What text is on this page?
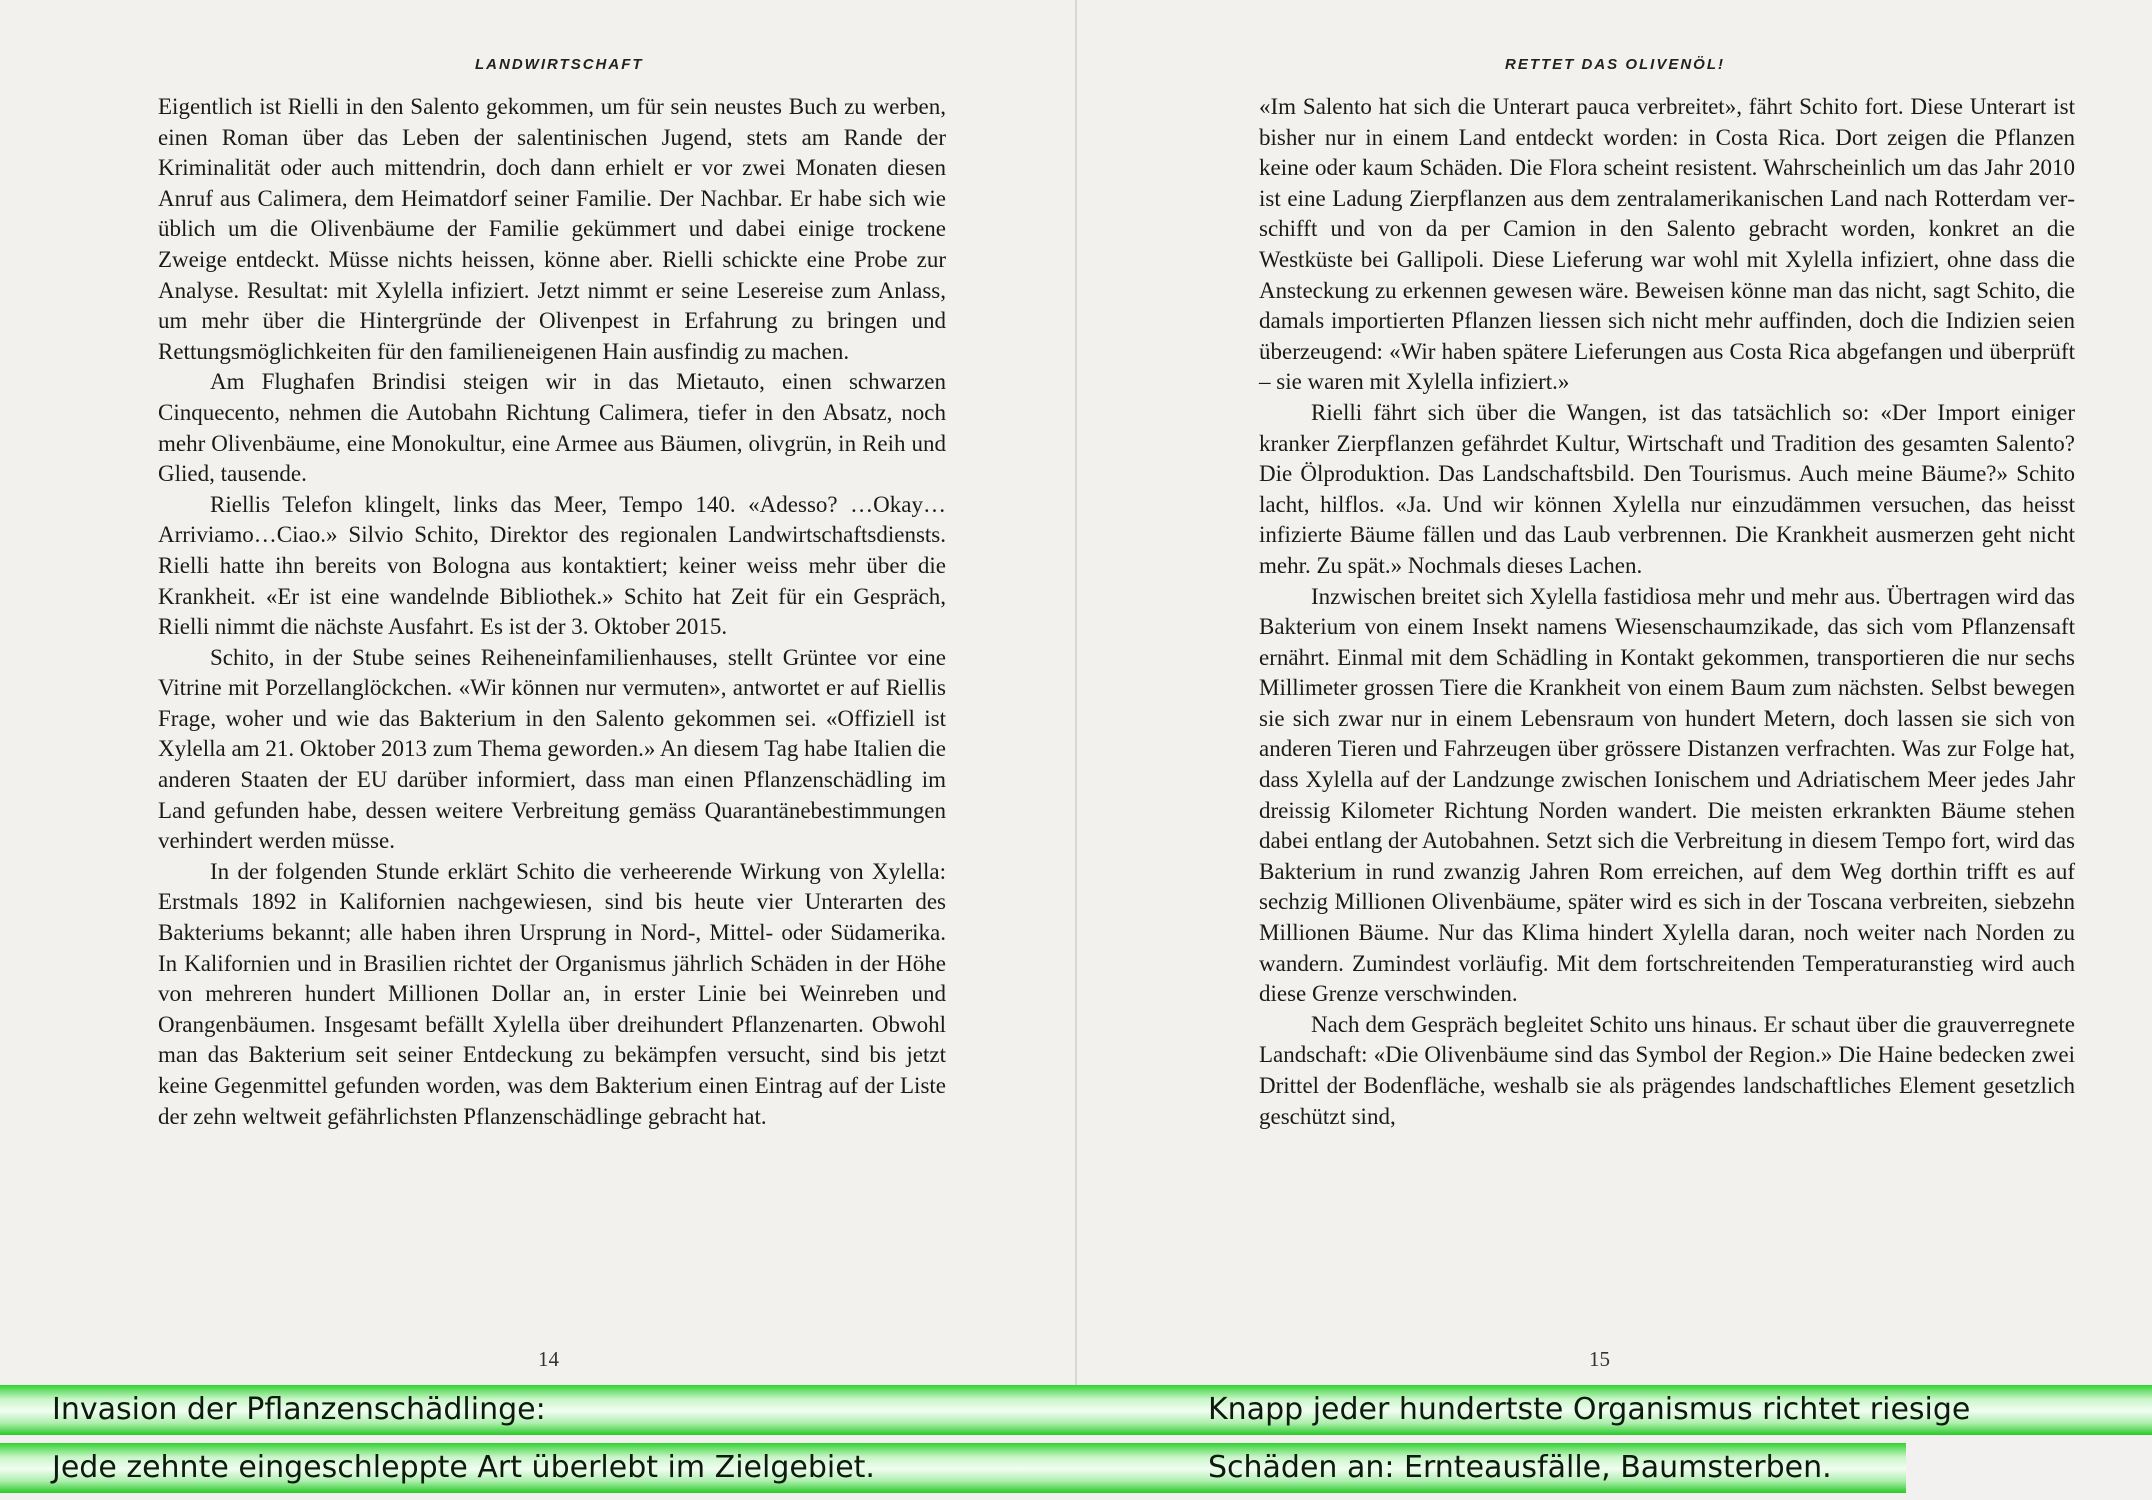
LANDWIRTSCHAFT

Eigentlich ist Rielli in den Salento gekommen, um für sein neustes Buch zu werben, einen Roman über das Leben der salentinischen Jugend, stets am Rande der Kriminalität oder auch mittendrin, doch dann erhielt er vor zwei Monaten diesen Anruf aus Calimera, dem Heimatdorf seiner Familie. Der Nachbar. Er habe sich wie üblich um die Olivenbäume der Familie gekümmert und dabei einige trockene Zweige entdeckt. Müsse nichts heissen, könne aber. Rielli schickte eine Probe zur Analyse. Resultat: mit Xylella infiziert. Jetzt nimmt er seine Lesereise zum Anlass, um mehr über die Hintergründe der Olivenpest in Erfahrung zu bringen und Rettungsmöglichkeiten für den familieneigenen Hain ausfindig zu machen.

Am Flughafen Brindisi steigen wir in das Mietauto, einen schwarzen Cinquecento, nehmen die Autobahn Richtung Calimera, tiefer in den Absatz, noch mehr Olivenbäume, eine Monokultur, eine Armee aus Bäumen, olivgrün, in Reih und Glied, tausende.

Riellis Telefon klingelt, links das Meer, Tempo 140. «Adesso? …Okay…Arriviamo…Ciao.» Silvio Schito, Direktor des regionalen Landwirtschaftsdiensts. Rielli hatte ihn bereits von Bologna aus kontaktiert; keiner weiss mehr über die Krankheit. «Er ist eine wandelnde Bibliothek.» Schito hat Zeit für ein Gespräch, Rielli nimmt die nächste Ausfahrt. Es ist der 3. Oktober 2015.

Schito, in der Stube seines Reiheneinfamilienhauses, stellt Grüntee vor eine Vitrine mit Porzellanglöckchen. «Wir können nur vermuten», antwortet er auf Riellis Frage, woher und wie das Bakterium in den Salento gekommen sei. «Offiziell ist Xylella am 21. Oktober 2013 zum Thema geworden.» An diesem Tag habe Italien die anderen Staaten der EU darüber informiert, dass man einen Pflanzenschädling im Land gefunden habe, dessen weitere Verbreitung gemäss Quarantänebestimmungen verhindert werden müsse.

In der folgenden Stunde erklärt Schito die verheerende Wirkung von Xylella: Erstmals 1892 in Kalifornien nachgewiesen, sind bis heute vier Unterarten des Bakteriums bekannt; alle haben ihren Ursprung in Nord-, Mittel- oder Südamerika. In Kalifornien und in Brasilien richtet der Organismus jährlich Schäden in der Höhe von mehreren hundert Millionen Dollar an, in erster Linie bei Weinreben und Orangenbäumen. Insgesamt befällt Xylella über dreihundert Pflanzenarten. Obwohl man das Bakterium seit seiner Entdeckung zu bekämpfen versucht, sind bis jetzt keine Gegenmittel gefunden worden, was dem Bakterium einen Eintrag auf der Liste der zehn weltweit gefährlichsten Pflanzenschädlinge gebracht hat.

14
RETTET DAS OLIVENÖL!

«Im Salento hat sich die Unterart pauca verbreitet», fährt Schito fort. Diese Unterart ist bisher nur in einem Land entdeckt worden: in Costa Rica. Dort zeigen die Pflanzen keine oder kaum Schäden. Die Flora scheint resistent. Wahrscheinlich um das Jahr 2010 ist eine Ladung Zierpflanzen aus dem zentralamerikanischen Land nach Rotterdam verschifft und von da per Camion in den Salento gebracht worden, konkret an die Westküste bei Gallipoli. Diese Lieferung war wohl mit Xylella infiziert, ohne dass die Ansteckung zu erkennen gewesen wäre. Beweisen könne man das nicht, sagt Schito, die damals importierten Pflanzen liessen sich nicht mehr auffinden, doch die Indizien seien überzeugend: «Wir haben spätere Lieferungen aus Costa Rica abgefangen und überprüft – sie waren mit Xylella infiziert.»

Rielli fährt sich über die Wangen, ist das tatsächlich so: «Der Import einiger kranker Zierpflanzen gefährdet Kultur, Wirtschaft und Tradition des gesamten Salento? Die Ölproduktion. Das Landschaftsbild. Den Tourismus. Auch meine Bäume?» Schito lacht, hilflos. «Ja. Und wir können Xylella nur einzudämmen versuchen, das heisst infizierte Bäume fällen und das Laub verbrennen. Die Krankheit ausmerzen geht nicht mehr. Zu spät.» Nochmals dieses Lachen.

Inzwischen breitet sich Xylella fastidiosa mehr und mehr aus. Übertragen wird das Bakterium von einem Insekt namens Wiesenschaumzikade, das sich vom Pflanzensaft ernährt. Einmal mit dem Schädling in Kontakt gekommen, transportieren die nur sechs Millimeter grossen Tiere die Krankheit von einem Baum zum nächsten. Selbst bewegen sie sich zwar nur in einem Lebensraum von hundert Metern, doch lassen sie sich von anderen Tieren und Fahrzeugen über grössere Distanzen verfrachten. Was zur Folge hat, dass Xylella auf der Landzunge zwischen Ionischem und Adriatischem Meer jedes Jahr dreissig Kilometer Richtung Norden wandert. Die meisten erkrankten Bäume stehen dabei entlang der Autobahnen. Setzt sich die Verbreitung in diesem Tempo fort, wird das Bakterium in rund zwanzig Jahren Rom erreichen, auf dem Weg dorthin trifft es auf sechzig Millionen Olivenbäume, später wird es sich in der Toscana verbreiten, siebzehn Millionen Bäume. Nur das Klima hindert Xylella daran, noch weiter nach Norden zu wandern. Zumindest vorläufig. Mit dem fortschreitenden Temperaturanstieg wird auch diese Grenze verschwinden.

Nach dem Gespräch begleitet Schito uns hinaus. Er schaut über die grauverregnete Landschaft: «Die Olivenbäume sind das Symbol der Region.» Die Haine bedecken zwei Drittel der Bodenfläche, weshalb sie als prägendes landschaftliches Element gesetzlich geschützt sind,

15
Invasion der Pflanzenschädlinge:	Knapp jeder hundertste Organismus richtet riesige
Jede zehnte eingeschleppte Art überlebt im Zielgebiet.	Schäden an: Ernteausfälle, Baumsterben.
